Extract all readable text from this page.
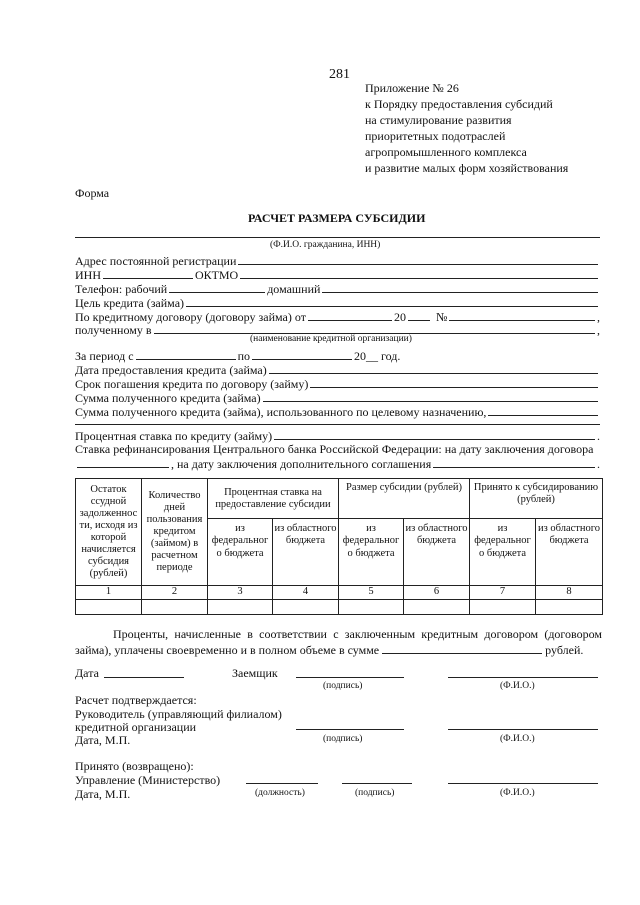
281
Приложение № 26
к Порядку предоставления субсидий
на стимулирование развития
приоритетных подотраслей
агропромышленного комплекса
и развитие малых форм хозяйствования
Форма
РАСЧЕТ РАЗМЕРА СУБСИДИИ
(Ф.И.О. гражданина, ИНН)
Адрес постоянной регистрации
ИНН	ОКТМО
Телефон: рабочий	домашний
Цель кредита (займа)
По кредитному договору (договору займа) от	20	№	,
полученному в	,
(наименование кредитной организации)
За период с	по	20__ год.
Дата предоставления кредита (займа)
Срок погашения кредита по договору (займу)
Сумма полученного кредита (займа)
Сумма полученного кредита (займа), использованного по целевому назначению,
Процентная ставка по кредиту (займу)	.
Ставка рефинансирования Центрального банка Российской Федерации: на дату заключения договора
, на дату заключения дополнительного соглашения	.
Остаток ссудной задолженнос ти, исходя из которой начисляется субсидия (рублей)	Количество дней пользования кредитом (займом) в расчетном периоде	Процентная ставка на предоставление субсидии		Размер субсидии (рублей)		Принято к субсидированию (рублей)	
		из федеральног о бюджета	из областного бюджета	из федеральног о бюджета	из областного бюджета	из федеральног о бюджета	из областного бюджета
1	2	3	4	5	6	7	8

Проценты, начисленные в соответствии с заключенным кредитным договором (договором займа), уплачены своевременно и в полном объеме в сумме	рублей.
Дата	Заемщик
(подпись)	(Ф.И.О.)
Расчет подтверждается:
Руководитель (управляющий филиалом)
кредитной организации
Дата, М.П.	(подпись)	(Ф.И.О.)
Принято (возвращено):
Управление (Министерство)
Дата, М.П.	(должность)	(подпись)	(Ф.И.О.)
